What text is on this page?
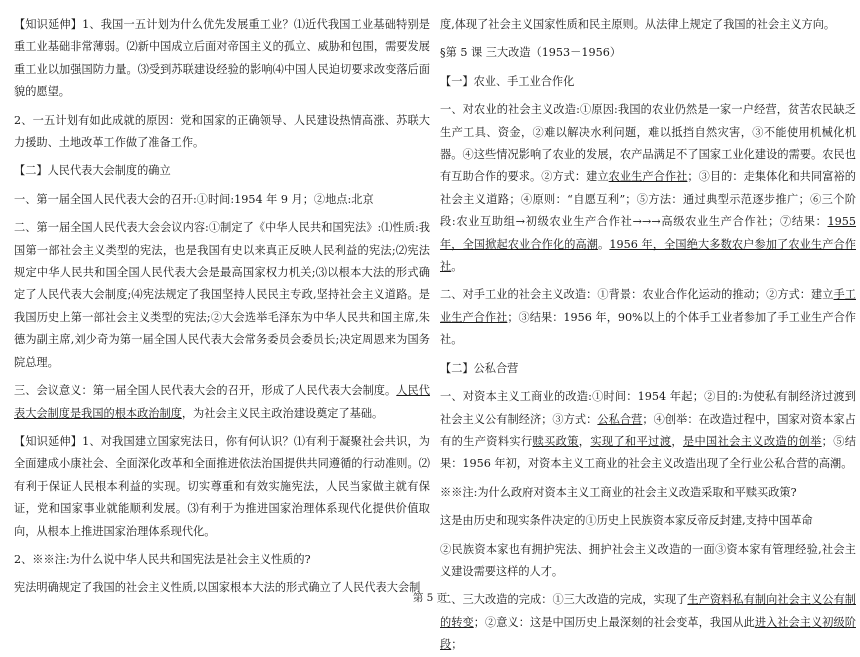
【知识延伸】1、我国一五计划为什么优先发展重工业？⑴近代我国工业基础特别是重工业基础非常薄弱。⑵新中国成立后面对帝国主义的孤立、威胁和包围，需要发展重工业以加强国防力量。⑶受到苏联建设经验的影响⑷中国人民迫切要求改变落后面貌的愿望。

2、一五计划有如此成就的原因：党和国家的正确领导、人民建设热情高涨、苏联大力援助、土地改革工作做了准备工作。

【二】人民代表大会制度的确立

一、第一届全国人民代表大会的召开:①时间:1954 年 9 月；②地点:北京

二、第一届全国人民代表大会会议内容:①制定了《中华人民共和国宪法》:⑴性质:我国第一部社会主义类型的宪法，也是我国有史以来真正反映人民利益的宪法;⑵宪法规定中华人民共和国全国人民代表大会是最高国家权力机关;⑶以根本大法的形式确定了人民代表大会制度;⑷宪法规定了我国坚持人民民主专政,坚持社会主义道路。是我国历史上第一部社会主义类型的宪法;②大会选举毛泽东为中华人民共和国主席,朱德为副主席,刘少奇为第一届全国人民代表大会常务委员会委员长;决定周恩来为国务院总理。

三、会议意义：第一届全国人民代表大会的召开，形成了人民代表大会制度。人民代表大会制度是我国的根本政治制度，为社会主义民主政治建设奠定了基础。

【知识延伸】1、对我国建立国家宪法日，你有何认识？⑴有利于凝聚社会共识，为全面建成小康社会、全面深化改革和全面推进依法治国提供共同遵循的行动准则。⑵有利于保证人民根本利益的实现。切实尊重和有效实施宪法，人民当家做主就有保证，党和国家事业就能顺利发展。⑶有利于为推进国家治理体系现代化提供价值取向，从根本上推进国家治理体系现代化。

2、※※注:为什么说中华人民共和国宪法是社会主义性质的?

宪法明确规定了我国的社会主义性质,以国家根本大法的形式确立了人民代表大会制

度,体现了社会主义国家性质和民主原则。从法律上规定了我国的社会主义方向。

§第 5 课 三大改造（1953－1956）

【一】农业、手工业合作化

一、对农业的社会主义改造:①原因:我国的农业仍然是一家一户经营，贫苦农民缺乏生产工具、资金，②难以解决水利问题，难以抵挡自然灾害，③不能使用机械化机器。④这些情况影响了农业的发展，农产品满足不了国家工业化建设的需要。农民也有互助合作的要求。②方式：建立农业生产合作社；③目的：走集体化和共同富裕的社会主义道路；④原则：“自愿互利”；⑤方法：通过典型示范逐步推广；⑥三个阶段:农业互助组→初级农业生产合作社→→→高级农业生产合作社；⑦结果：1955 年，全国掀起农业合作化的高潮。1956 年，全国绝大多数农户参加了农业生产合作社。

二、对手工业的社会主义改造：①背景：农业合作化运动的推动；②方式：建立手工业生产合作社；③结果：1956 年，90%以上的个体手工业者参加了手工业生产合作社。

【二】公私合营

一、对资本主义工商业的改造:①时间：1954 年起；②目的:为使私有制经济过渡到社会主义公有制经济；③方式：公私合营；④创举：在改造过程中，国家对资本家占有的生产资料实行赎买政策，实现了和平过渡，是中国社会主义改造的创举；⑤结果：1956 年初，对资本主义工商业的社会主义改造出现了全行业公私合营的高潮。

※※注:为什么政府对资本主义工商业的社会主义改造采取和平赎买政策?

这是由历史和现实条件决定的①历史上民族资本家反帝反封建,支持中国革命

②民族资本家也有拥护宪法、拥护社会主义改造的一面③资本家有管理经验,社会主义建设需要这样的人才。

二、三大改造的完成：①三大改造的完成，实现了生产资料私有制向社会主义公有制的转变；②意义：这是中国历史上最深刻的社会变革，我国从此进入社会主义初级阶段；

第 5 页
